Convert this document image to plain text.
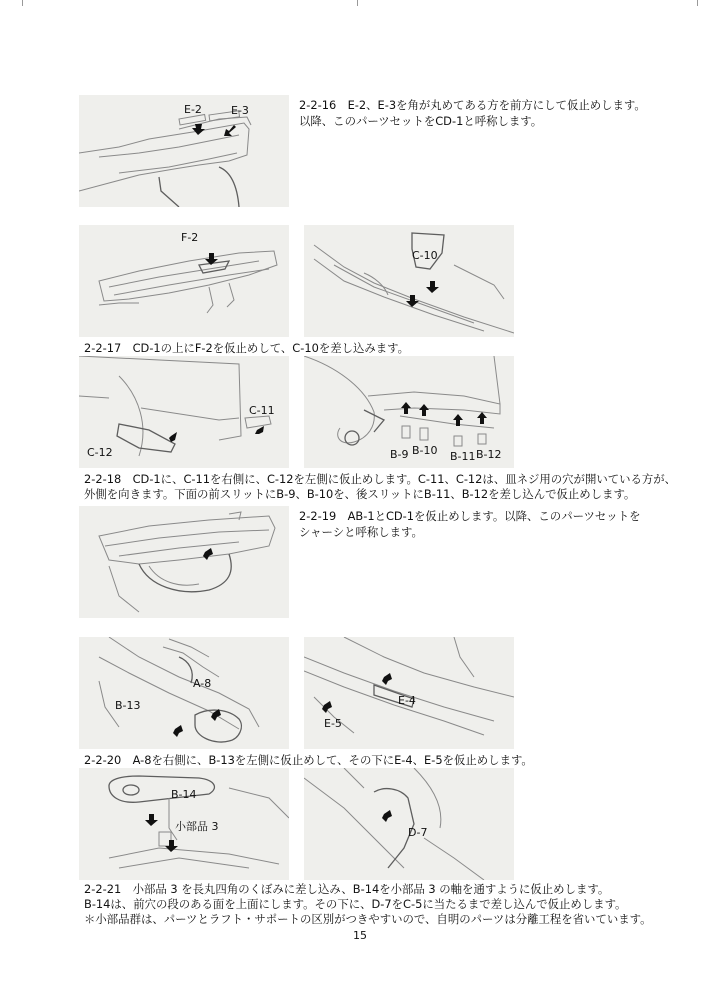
E-2	E-3	2-2-16　E-2、E-3を角が丸めてある方を前方にして仮止めします。

以降、このパーツセットをCD-1と呼称します。

F-2
C-10

2-2-17　CD-1の上にF-2を仮止めして、C-10を差し込みます。

C-11
C-12	B-9 B-10 B-11 B-12

2-2-18　CD-1に、C-11を右側に、C-12を左側に仮止めします。C-11、C-12は、皿ネジ用の穴が開いている方が、

外側を向きます。下面の前スリットにB-9、B-10を、後スリットにB-11、B-12を差し込んで仮止めします。

2-2-19　AB-1とCD-1を仮止めします。以降、このパーツセットを

シャーシと呼称します。

A-8
B-13	E-4
E-5

2-2-20　A-8を右側に、B-13を左側に仮止めして、その下にE-4、E-5を仮止めします。

B-14
小部品 3	D-7

2-2-21　小部品 3 を長丸四角のくぼみに差し込み、B-14を小部品 3 の軸を通すように仮止めします。

B-14は、前穴の段のある面を上面にします。その下に、D-7をC-5に当たるまで差し込んで仮止めします。

＊小部品群は、パーツとラフト・サポートの区別がつきやすいので、自明のパーツは分離工程を省いています。

15
